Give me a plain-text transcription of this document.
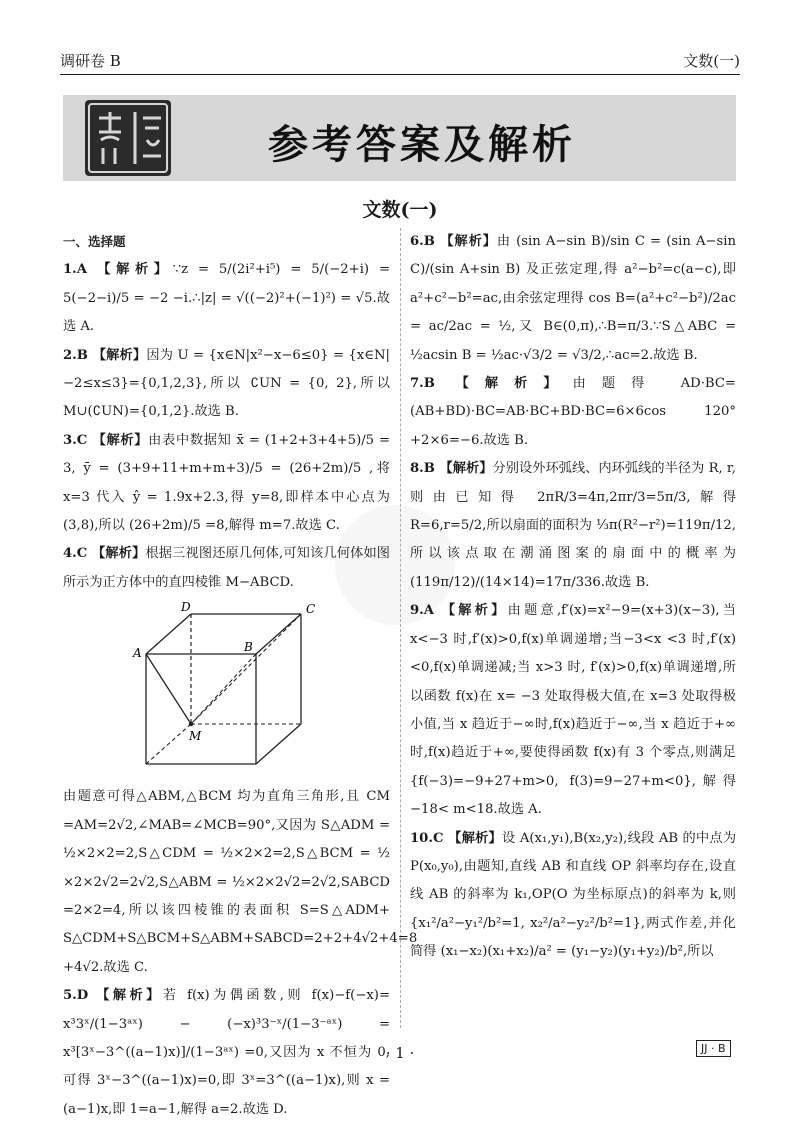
调研卷 B	文数(一)
参考答案及解析
文数(一)
一、选择题
1.A 【解析】∵z = 5/(2i²+i⁵) = 5/(−2+i) = 5(−2−i)/5 = −2 −i.∴|z| = √((−2)²+(−1)²) = √5.故选 A.
2.B 【解析】因为 U = {x∈N|x²−x−6≤0} = {x∈N|−2≤x≤3}={0,1,2,3},所以 ∁UN = {0, 2},所以 M∪(∁UN)={0,1,2}.故选 B.
3.C 【解析】由表中数据知 x̄ = (1+2+3+4+5)/5 = 3, ȳ = (3+9+11+m+m+3)/5 = (26+2m)/5 ,将 x=3 代入 ŷ = 1.9x+2.3,得 y=8,即样本中心点为(3,8),所以 (26+2m)/5 =8,解得 m=7.故选 C.
4.C 【解析】根据三视图还原几何体,可知该几何体如图所示为正方体中的直四棱锥 M−ABCD.
A	B
C
D
M
由题意可得△ABM,△BCM 均为直角三角形,且 CM =AM=2√2,∠MAB=∠MCB=90°,又因为 S△ADM = ½×2×2=2,S△CDM = ½×2×2=2,S△BCM = ½ ×2×2√2=2√2,S△ABM = ½×2×2√2=2√2,SABCD =2×2=4,所以该四棱锥的表面积 S=S△ADM+ S△CDM+S△BCM+S△ABM+SABCD=2+2+4√2+4=8 +4√2.故选 C.
5.D 【解析】若 f(x)为偶函数,则 f(x)−f(−x)= x³3ˣ/(1−3ᵃˣ) − (−x)³3⁻ˣ/(1−3⁻ᵃˣ) = x³[3ˣ−3^((a−1)x)]/(1−3ᵃˣ) =0,又因为 x 不恒为 0,可得 3ˣ−3^((a−1)x)=0,即 3ˣ=3^((a−1)x),则 x =(a−1)x,即 1=a−1,解得 a=2.故选 D.
6.B 【解析】由 (sin A−sin B)/sin C = (sin A−sin C)/(sin A+sin B) 及正弦定理,得 a²−b²=c(a−c),即 a²+c²−b²=ac,由余弦定理得 cos B=(a²+c²−b²)/2ac = ac/2ac = ½,又 B∈(0,π),∴B=π/3.∵S△ABC = ½acsin B = ½ac·√3/2 = √3/2,∴ac=2.故选 B.
7.B 【解析】由题得 AD·BC=(AB+BD)·BC=AB·BC+BD·BC=6×6cos 120°+2×6=−6.故选 B.
8.B 【解析】分别设外环弧线、内环弧线的半径为 R, r,则由已知得 2πR/3=4π,2πr/3=5π/3,解得 R=6,r=5/2,所以扇面的面积为 ⅓π(R²−r²)=119π/12,所以该点取在潮涌图案的扇面中的概率为 (119π/12)/(14×14)=17π/336.故选 B.
9.A 【解析】由题意,f′(x)=x²−9=(x+3)(x−3),当 x<−3 时,f′(x)>0,f(x)单调递增;当−3<x <3 时,f′(x)<0,f(x)单调递减;当 x>3 时, f′(x)>0,f(x)单调递增,所以函数 f(x)在 x= −3 处取得极大值,在 x=3 处取得极小值,当 x 趋近于−∞时,f(x)趋近于−∞,当 x 趋近于+∞ 时,f(x)趋近于+∞,要使得函数 f(x)有 3 个零点,则满足 {f(−3)=−9+27+m>0, f(3)=9−27+m<0},解得−18< m<18.故选 A.
10.C 【解析】设 A(x₁,y₁),B(x₂,y₂),线段 AB 的中点为 P(x₀,y₀),由题知,直线 AB 和直线 OP 斜率均存在,设直线 AB 的斜率为 k₁,OP(O 为坐标原点)的斜率为 k,则 {x₁²/a²−y₁²/b²=1, x₂²/a²−y₂²/b²=1},两式作差,并化简得 (x₁−x₂)(x₁+x₂)/a² = (y₁−y₂)(y₁+y₂)/b²,所以
· 1 ·	JJ · B
